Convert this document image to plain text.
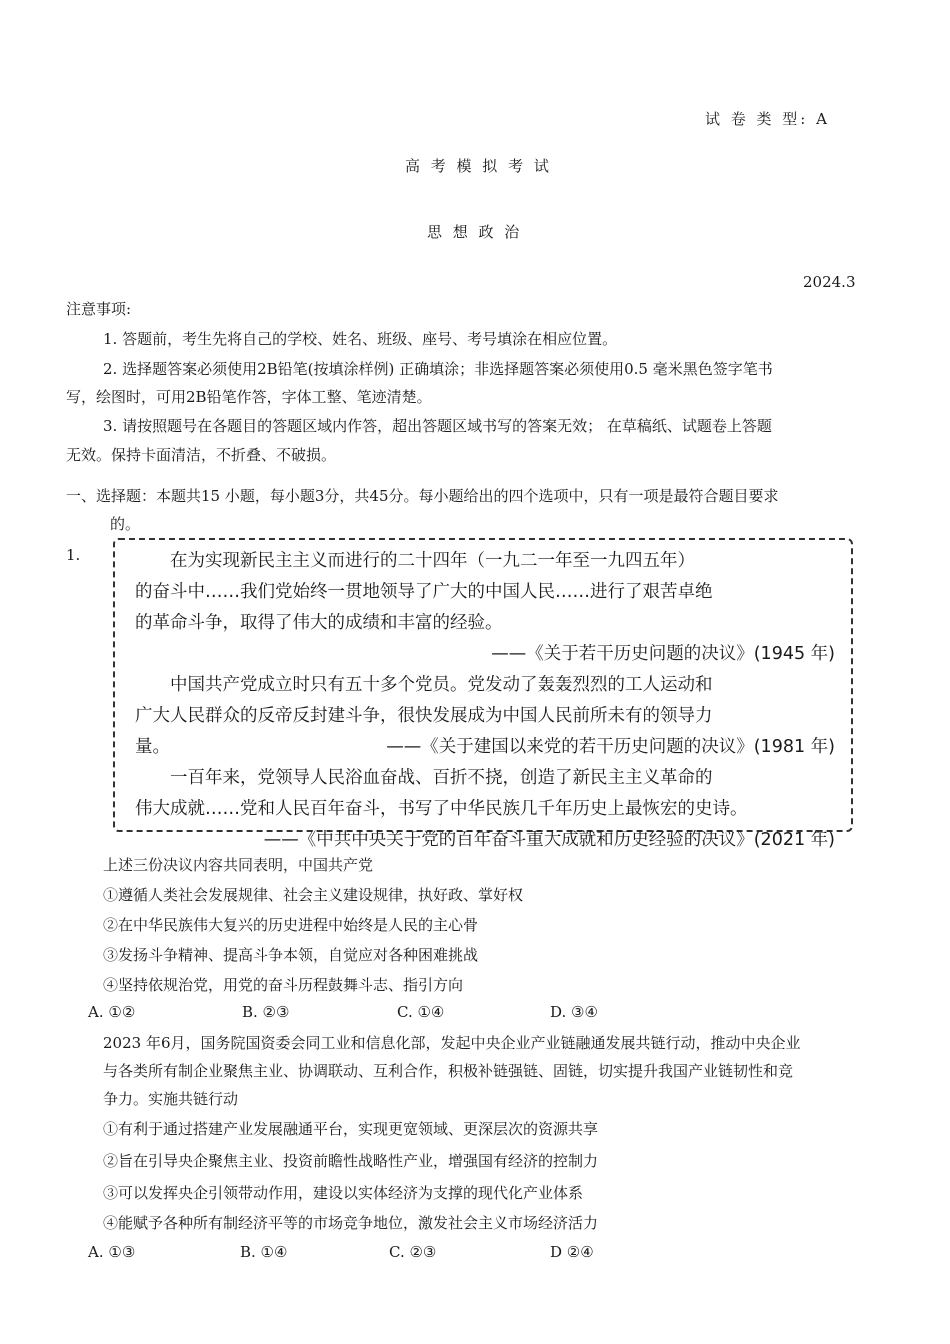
试 卷 类 型: A
高 考 模 拟 考 试
思 想 政 治
2024.3
注意事项:
1. 答题前，考生先将自己的学校、姓名、班级、座号、考号填涂在相应位置。
2. 选择题答案必须使用2B铅笔(按填涂样例) 正确填涂；非选择题答案必须使用0.5 毫米黑色签字笔书
写，绘图时，可用2B铅笔作答，字体工整、笔迹清楚。
3. 请按照题号在各题目的答题区域内作答，超出答题区域书写的答案无效； 在草稿纸、试题卷上答题
无效。保持卡面清洁，不折叠、不破损。
一、选择题：本题共15 小题，每小题3分，共45分。每小题给出的四个选项中，只有一项是最符合题目要求
的。
1.	在为实现新民主主义而进行的二十四年（一九二一年至一九四五年）
的奋斗中……我们党始终一贯地领导了广大的中国人民……进行了艰苦卓绝
的革命斗争，取得了伟大的成绩和丰富的经验。
——《关于若干历史问题的决议》(1945 年)
中国共产党成立时只有五十多个党员。党发动了轰轰烈烈的工人运动和
广大人民群众的反帝反封建斗争，很快发展成为中国人民前所未有的领导力
量。	——《关于建国以来党的若干历史问题的决议》(1981 年)
一百年来，党领导人民浴血奋战、百折不挠，创造了新民主主义革命的
伟大成就……党和人民百年奋斗，书写了中华民族几千年历史上最恢宏的史诗。
——《中共中央关于党的百年奋斗重大成就和历史经验的决议》(2021 年)
上述三份决议内容共同表明，中国共产党
①遵循人类社会发展规律、社会主义建设规律，执好政、掌好权
②在中华民族伟大复兴的历史进程中始终是人民的主心骨
③发扬斗争精神、提高斗争本领，自觉应对各种困难挑战
④坚持依规治党，用党的奋斗历程鼓舞斗志、指引方向
A. ①②	B. ②③	C. ①④	D. ③④
2023 年6月，国务院国资委会同工业和信息化部，发起中央企业产业链融通发展共链行动，推动中央企业
与各类所有制企业聚焦主业、协调联动、互利合作，积极补链强链、固链，切实提升我国产业链韧性和竞
争力。实施共链行动
①有利于通过搭建产业发展融通平台，实现更宽领域、更深层次的资源共享
②旨在引导央企聚焦主业、投资前瞻性战略性产业，增强国有经济的控制力
③可以发挥央企引领带动作用，建设以实体经济为支撑的现代化产业体系
④能赋予各种所有制经济平等的市场竞争地位，激发社会主义市场经济活力
A. ①③	B. ①④	C. ②③	D ②④
